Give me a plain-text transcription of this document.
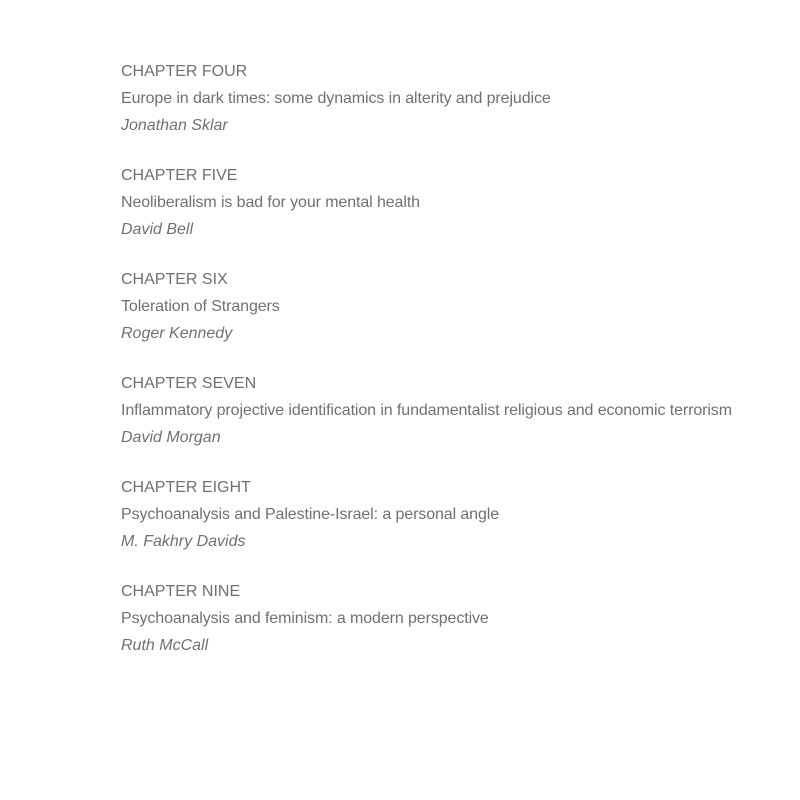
CHAPTER FOUR
Europe in dark times: some dynamics in alterity and prejudice
Jonathan Sklar
CHAPTER FIVE
Neoliberalism is bad for your mental health
David Bell
CHAPTER SIX
Toleration of Strangers
Roger Kennedy
CHAPTER SEVEN
Inflammatory projective identification in fundamentalist religious and economic terrorism
David Morgan
CHAPTER EIGHT
Psychoanalysis and Palestine-Israel: a personal angle
M. Fakhry Davids
CHAPTER NINE
Psychoanalysis and feminism: a modern perspective
Ruth McCall
